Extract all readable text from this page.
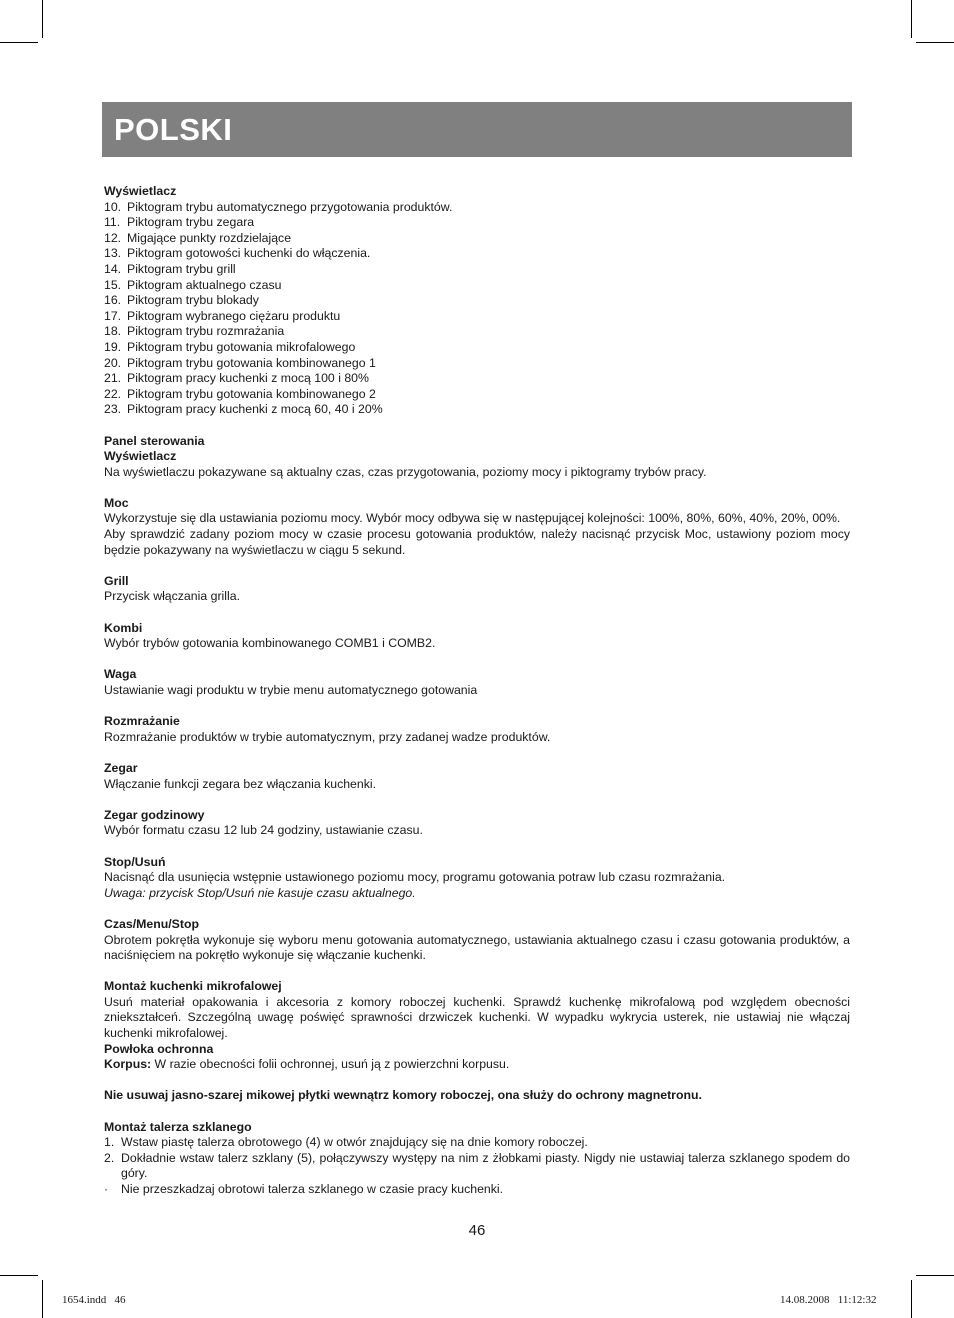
POLSKI

Wyświetlacz

10. Piktogram trybu automatycznego przygotowania produktów.
11. Piktogram trybu zegara
12. Migające punkty rozdzielające
13. Piktogram gotowości kuchenki do włączenia.
14. Piktogram trybu grill
15. Piktogram aktualnego czasu
16. Piktogram trybu blokady
17. Piktogram wybranego ciężaru produktu
18. Piktogram trybu rozmrażania
19. Piktogram trybu gotowania mikrofalowego
20. Piktogram trybu gotowania kombinowanego 1
21. Piktogram pracy kuchenki z mocą 100 i 80%
22. Piktogram trybu gotowania kombinowanego 2
23. Piktogram pracy kuchenki z mocą 60, 40 i 20%

Panel sterowania

Wyświetlacz

Na wyświetlaczu pokazywane są aktualny czas, czas przygotowania, poziomy mocy i piktogramy trybów pracy.

Moc

Wykorzystuje się dla ustawiania poziomu mocy. Wybór mocy odbywa się w następującej kolejności: 100%, 80%, 60%, 40%, 20%, 00%.

Aby sprawdzić zadany poziom mocy w czasie procesu gotowania produktów, należy nacisnąć przycisk Moc, ustawiony poziom mocy będzie pokazywany na wyświetlaczu w ciągu 5 sekund.

Grill

Przycisk włączania grilla.

Kombi

Wybór trybów gotowania kombinowanego COMB1 i COMB2.

Waga

Ustawianie wagi produktu w trybie menu automatycznego gotowania

Rozmrażanie

Rozmrażanie produktów w trybie automatycznym, przy zadanej wadze produktów.

Zegar

Włączanie funkcji zegara bez włączania kuchenki.

Zegar godzinowy

Wybór formatu czasu 12 lub 24 godziny, ustawianie czasu.

Stop/Usuń

Nacisnąć dla usunięcia wstępnie ustawionego poziomu mocy, programu gotowania potraw lub czasu rozmrażania.

Uwaga: przycisk Stop/Usuń nie kasuje czasu aktualnego.

Czas/Menu/Stop

Obrotem pokrętła wykonuje się wyboru menu gotowania automatycznego, ustawiania aktualnego czasu i czasu gotowania produktów, a naciśnięciem na pokrętło wykonuje się włączanie kuchenki.

Montaż kuchenki mikrofalowej

Usuń materiał opakowania i akcesoria z komory roboczej kuchenki. Sprawdź kuchenkę mikrofalową pod względem obecności zniekształceń. Szczególną uwagę poświęć sprawności drzwiczek kuchenki. W wypadku wykrycia usterek, nie ustawiaj nie włączaj kuchenki mikrofalowej.

Powłoka ochronna

Korpus: W razie obecności folii ochronnej, usuń ją z powierzchni korpusu.

Nie usuwaj jasno-szarej mikowej płytki wewnątrz komory roboczej, ona służy do ochrony magnetronu.

Montaż talerza szklanego

1. Wstaw piastę talerza obrotowego (4) w otwór znajdujący się na dnie komory roboczej.
2. Dokładnie wstaw talerz szklany (5), połączywszy występy na nim z żłobkami piasty. Nigdy nie ustawiaj talerza szklanego spodem do góry.
·	Nie przeszkadzaj obrotowi talerza szklanego w czasie pracy kuchenki.
46
1654.indd   46	14.08.2008   11:12:32
